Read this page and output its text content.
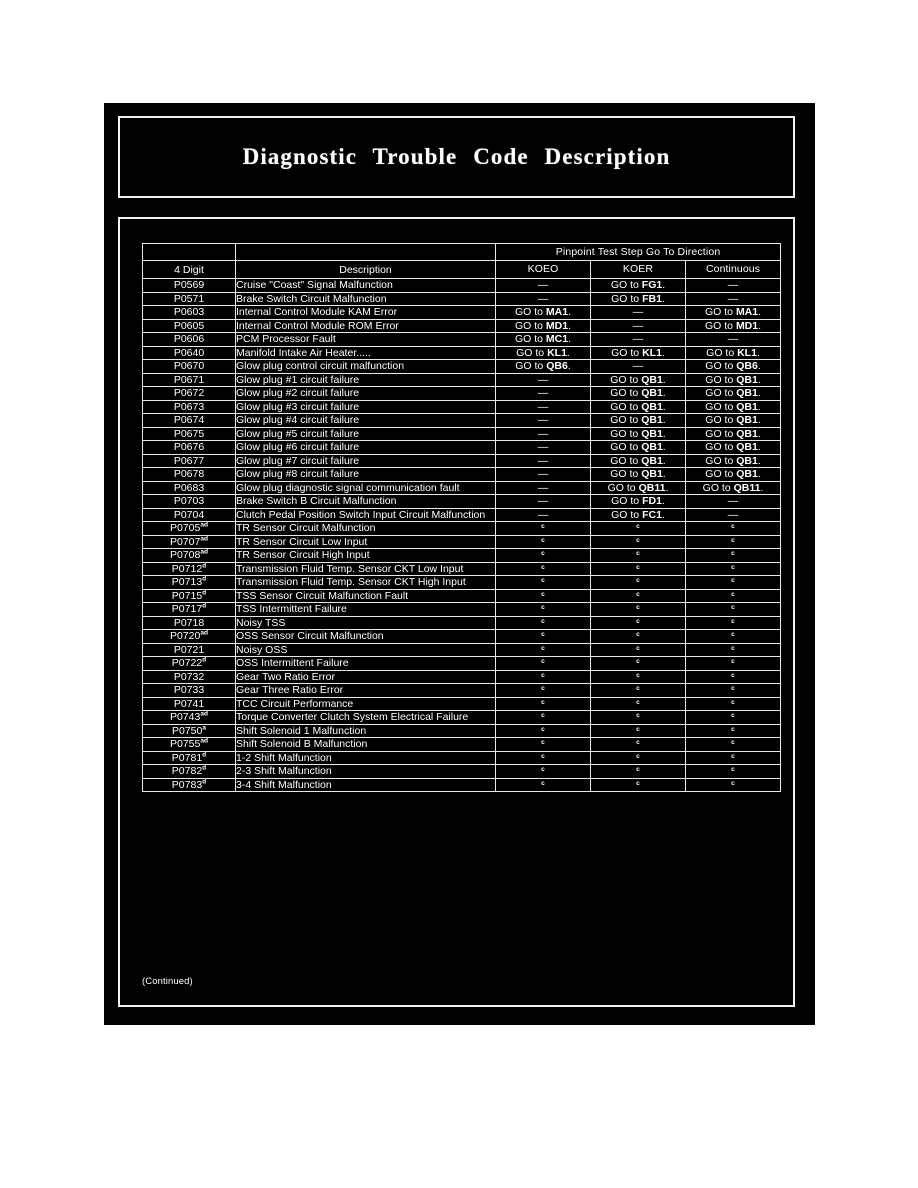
Diagnostic Trouble Code Description
		Pinpoint Test Step Go To Direction		
4 Digit	Description	KOEO	KOER	Continuous
P0569	Cruise "Coast" Signal Malfunction	—	GO to FG1.	—
P0571	Brake Switch Circuit Malfunction	—	GO to FB1.	—
P0603	Internal Control Module KAM Error	GO to MA1.	—	GO to MA1.
P0605	Internal Control Module ROM Error	GO to MD1.	—	GO to MD1.
P0606	PCM Processor Fault	GO to MC1.	—	—
P0640	Manifold Intake Air Heater.....	GO to KL1.	GO to KL1.	GO to KL1.
P0670	Glow plug control circuit malfunction	GO to QB6.	—	GO to QB6.
P0671	Glow plug #1 circuit failure	—	GO to QB1.	GO to QB1.
P0672	Glow plug #2 circuit failure	—	GO to QB1.	GO to QB1.
P0673	Glow plug #3 circuit failure	—	GO to QB1.	GO to QB1.
P0674	Glow plug #4 circuit failure	—	GO to QB1.	GO to QB1.
P0675	Glow plug #5 circuit failure	—	GO to QB1.	GO to QB1.
P0676	Glow plug #6 circuit failure	—	GO to QB1.	GO to QB1.
P0677	Glow plug #7 circuit failure	—	GO to QB1.	GO to QB1.
P0678	Glow plug #8 circuit failure	—	GO to QB1.	GO to QB1.
P0683	Glow plug diagnostic signal communication fault	—	GO to QB11.	GO to QB11.
P0703	Brake Switch B Circuit Malfunction	—	GO to FD1.	—
P0704	Clutch Pedal Position Switch Input Circuit Malfunction	—	GO to FC1.	—
$P0705^{ad}$	TR Sensor Circuit Malfunction	c	c	c
$P0707^{ad}$	TR Sensor Circuit Low Input	c	c	c
$P0708^{ad}$	TR Sensor Circuit High Input	c	c	c
P0712$^d$	Transmission Fluid Temp. Sensor CKT Low Input	c	c	c
P0713$^d$	Transmission Fluid Temp. Sensor CKT High Input	c	c	c
P0715$^d$	TSS Sensor Circuit Malfunction Fault	c	c	c
P0717$^d$	TSS Intermittent Failure	c	c	c
P0718	Noisy TSS	c	c	c
$P0720^{ad}$	OSS Sensor Circuit Malfunction	c	c	c
P0721	Noisy OSS	c	c	c
P0722$^d$	OSS Intermittent Failure	c	c	c
P0732	Gear Two Ratio Error	c	c	c
P0733	Gear Three Ratio Error	c	c	c
P0741	TCC Circuit Performance	c	c	c
$P0743^{ad}$	Torque Converter Clutch System Electrical Failure	c	c	c
P0750$^a$	Shift Solenoid 1 Malfunction	c	c	c
$P0755^{ad}$	Shift Solenoid B Malfunction	c	c	c
P0781$^d$	1-2 Shift Malfunction	c	c	c
P0782$^d$	2-3 Shift Malfunction	c	c	c
P0783$^d$	3-4 Shift Malfunction	c	c	c
(Continued)
